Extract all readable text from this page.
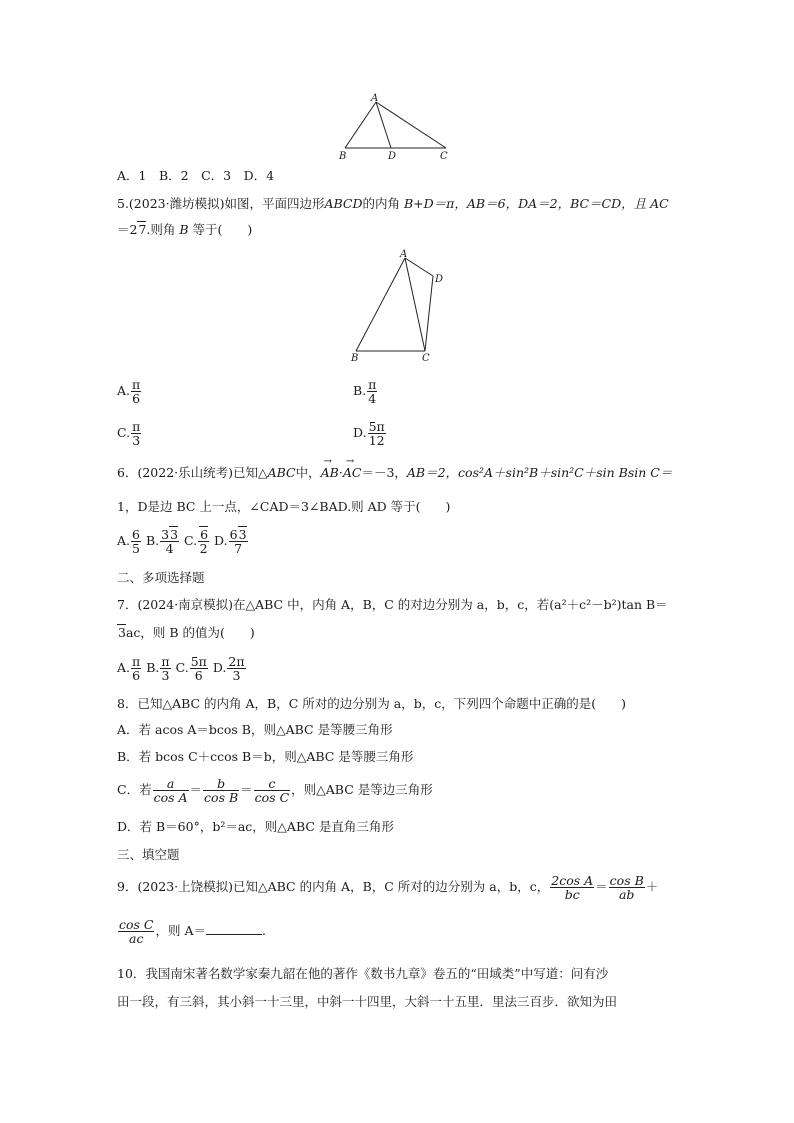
A
B	D	C
A．1　B．2　C．3　D．4
5.(2023·潍坊模拟)如图，平面四边形ABCD的内角 B+D＝π，AB＝6，DA＝2，BC＝CD，且 AC
＝27.则角 B 等于(　　)
A
D
B	C
A. $\frac{\pi}{6}$	B. $\frac{\pi}{4}$
C. $\frac{\pi}{3}$	D. $\frac{5\pi}{12}$
6．(2022·乐山统考)已知△ABC中，→ AB·→ AC＝－3，AB＝2，cos²A＋sin²B＋sin²C＋sin Bsin C＝
1，D是边 BC 上一点，∠CAD＝3∠BAD.则 AD 等于(　　)
A. $\frac{6}{5} B$. $\frac{33}{4} C$. $\frac{6}{2} D$. $\frac{63}{7}$
二、多项选择题
7．(2024·南京模拟)在△ABC 中，内角 A，B，C 的对边分别为 a，b，c，若(a²＋c²－b²)tan B＝
3ac，则 B 的值为(　　)
A. $\frac{\pi}{6} B$. $\frac{\pi}{3} C$. $\frac{5\pi}{6} D$. $\frac{2\pi}{3}$
8．已知△ABC 的内角 A，B，C 所对的边分别为 a，b，c，下列四个命题中正确的是(　　)
A．若 acos A＝bcos B，则△ABC 是等腰三角形
B．若 bcos C＋ccos B＝b，则△ABC 是等腰三角形
C．若 $\frac{a}{\text{cos A}} = \frac{b}{\text{cos B}} = \frac{c}{\text{cos C}}$ ，则△ABC 是等边三角形
D．若 B＝60°，b²＝ac，则△ABC 是直角三角形
三、填空题
9．(2023·上饶模拟)已知△ABC 的内角 A，B，C 所对的边分别为 a，b，c， $\frac{\text{2cos A}}{bc} = \frac{\text{cos B}}{ab}$ ＋
$\frac{\text{cos C}}{ac}$ ，则 A＝	.
10．我国南宋著名数学家秦九韶在他的著作《数书九章》卷五的“田域类”中写道：问有沙
田一段，有三斜，其小斜一十三里，中斜一十四里，大斜一十五里．里法三百步．欲知为田
